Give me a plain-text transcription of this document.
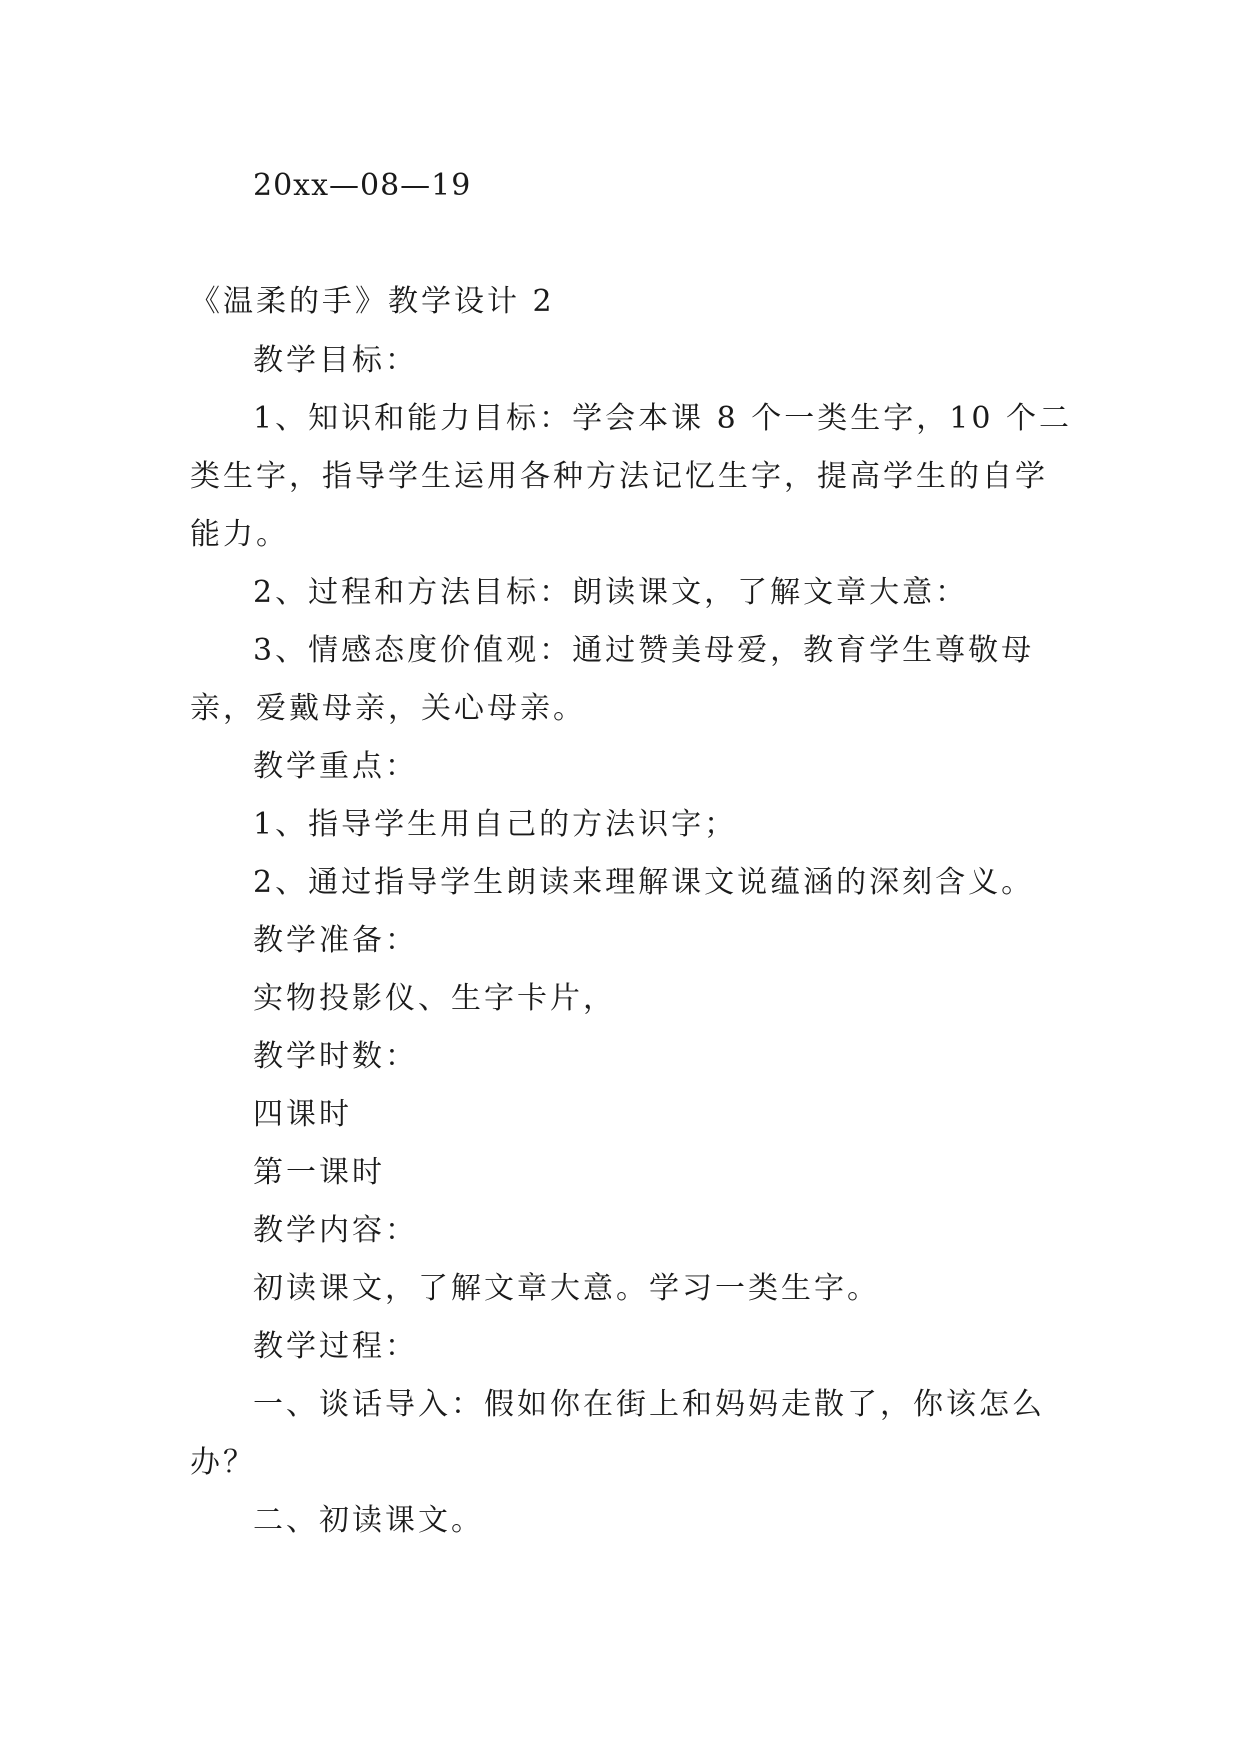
20xx—08—19
《温柔的手》教学设计 2
教学目标：
1、知识和能力目标：学会本课 8 个一类生字，10 个二
类生字，指导学生运用各种方法记忆生字，提高学生的自学
能力。
2、过程和方法目标：朗读课文，了解文章大意：
3、情感态度价值观：通过赞美母爱，教育学生尊敬母
亲，爱戴母亲，关心母亲。
教学重点：
1、指导学生用自己的方法识字；
2、通过指导学生朗读来理解课文说蕴涵的深刻含义。
教学准备：
实物投影仪、生字卡片，
教学时数：
四课时
第一课时
教学内容：
初读课文，了解文章大意。学习一类生字。
教学过程：
一、谈话导入：假如你在街上和妈妈走散了，你该怎么
办？
二、初读课文。
